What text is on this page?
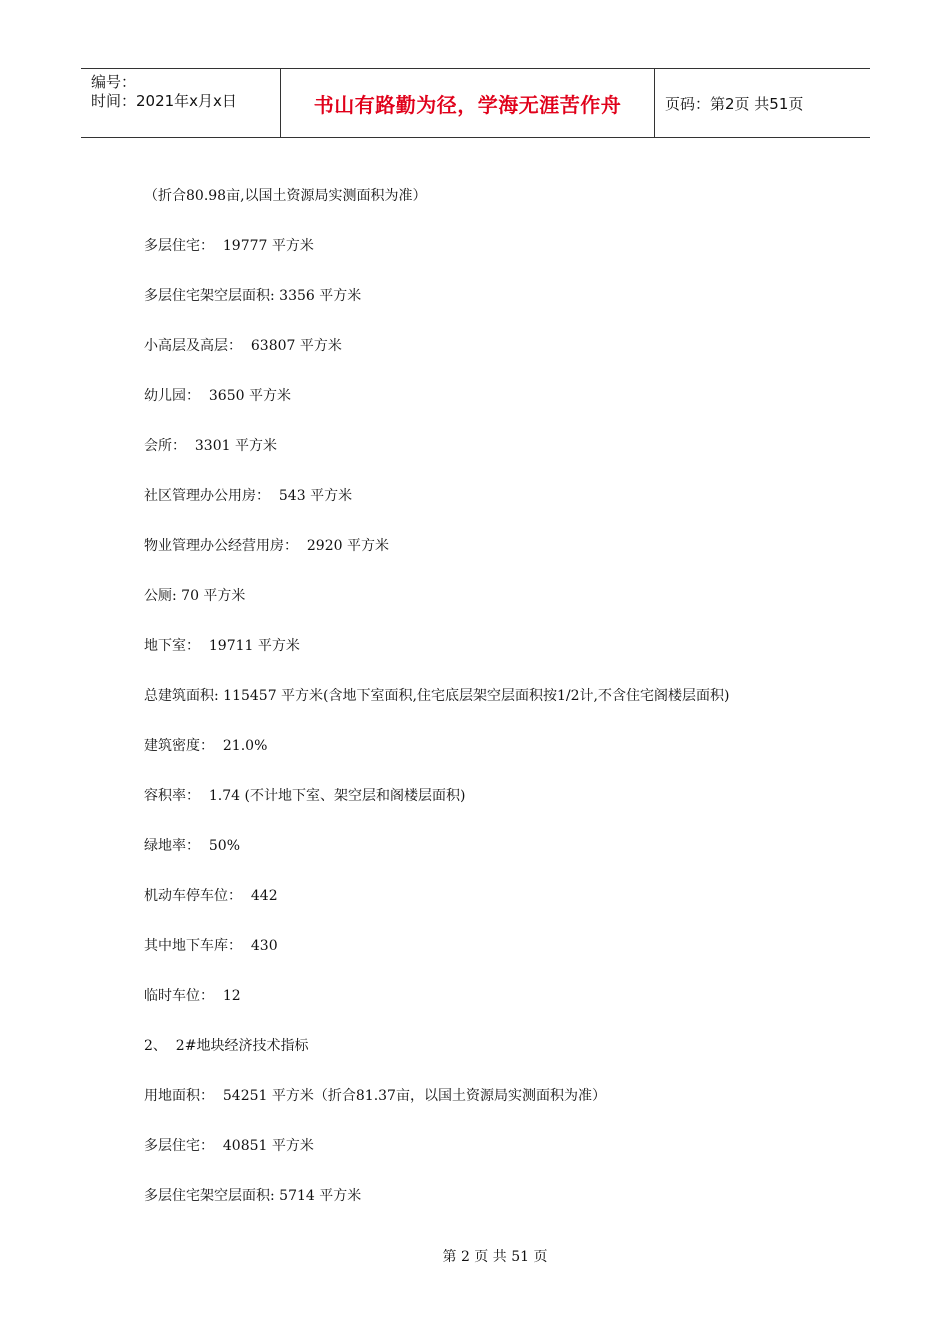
编号：
时间：2021年x月x日	书山有路勤为径，学海无涯苦作舟	页码：第2页 共51页

（折合80.98亩,以国土资源局实测面积为准）

多层住宅：  19777 平方米

多层住宅架空层面积: 3356 平方米

小高层及高层：  63807 平方米

幼儿园：  3650 平方米

会所：  3301 平方米

社区管理办公用房：  543 平方米

物业管理办公经营用房：  2920 平方米

公厕: 70 平方米

地下室：  19711 平方米

总建筑面积: 115457 平方米(含地下室面积,住宅底层架空层面积按1/2计,不含住宅阁楼层面积)

建筑密度：  21.0%

容积率：  1.74 (不计地下室、架空层和阁楼层面积)

绿地率：  50%

机动车停车位：  442

其中地下车库：  430

临时车位：  12

2、  2#地块经济技术指标

用地面积：  54251 平方米（折合81.37亩，以国土资源局实测面积为准）

多层住宅：  40851 平方米

多层住宅架空层面积: 5714 平方米

第 2 页 共 51 页
